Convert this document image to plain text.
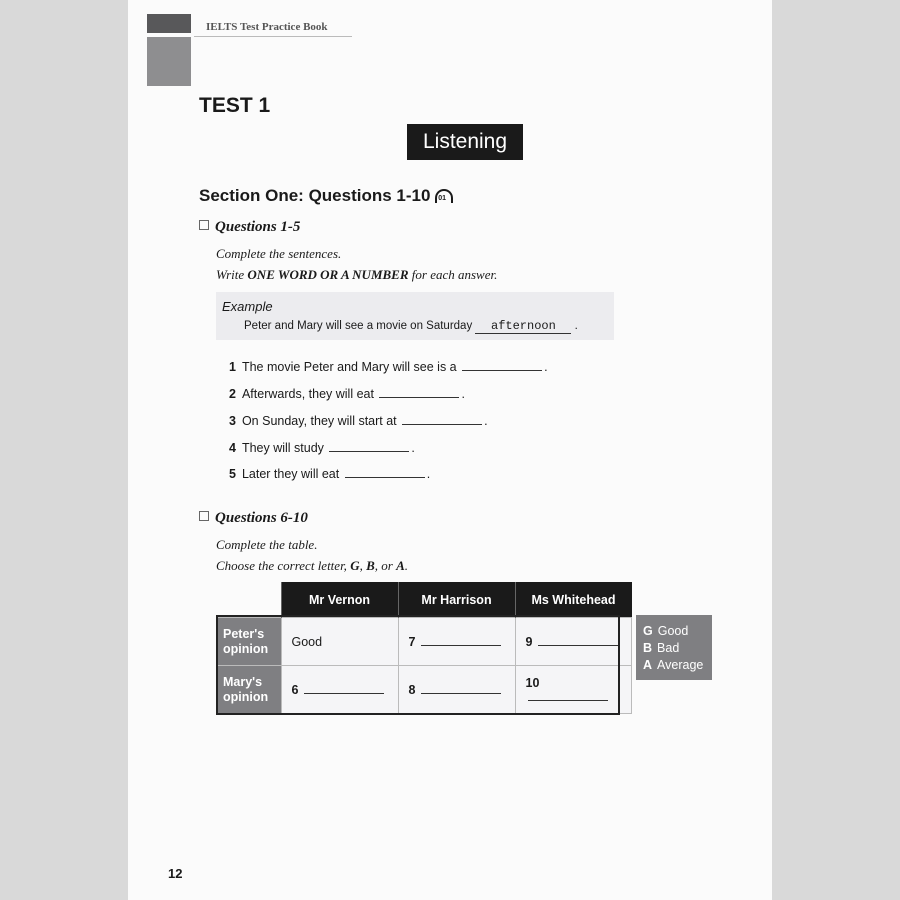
IELTS Test Practice Book
TEST 1
Listening
Section One: Questions 1-10 01
Questions 1-5
Complete the sentences.
Write ONE WORD OR A NUMBER for each answer.
Example
Peter and Mary will see a movie on Saturday afternoon .
1 The movie Peter and Mary will see is a	.
2 Afterwards, they will eat	.
3 On Sunday, they will start at	.
4 They will study	.
5 Later they will eat	.
Questions 6-10
Complete the table.
Choose the correct letter, G, B, or A.
	Mr Vernon	Mr Harrison	Ms Whitehead
Peter's opinion	Good	7	9
Mary's opinion	6	8	10
G Good
B Bad
A Average
12
